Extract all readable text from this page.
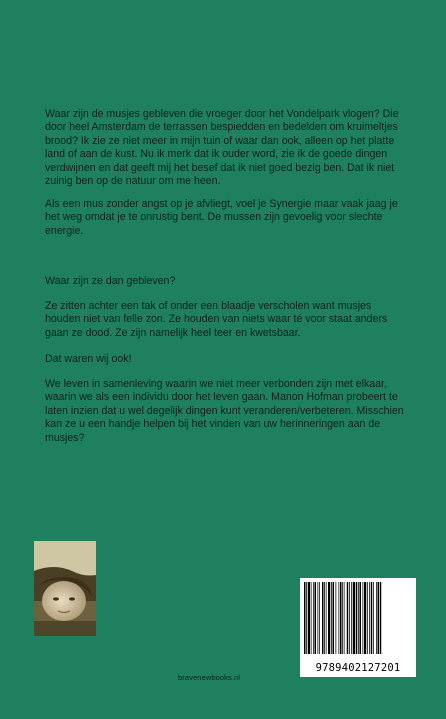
Waar zijn de musjes gebleven die vroeger door het Vondelpark vlogen? Die door heel Amsterdam de terrassen bespiedden en bedelden om kruimeltjes brood? Ik zie ze niet meer in mijn tuin of waar dan ook, alleen op het platte land of aan de kust. Nu ik merk dat ik ouder word, zie ik de goede dingen verdwijnen en dat geeft mij het besef dat ik niet goed bezig ben. Dat ik niet zuinig ben op de natuur om me heen.

Als een mus zonder angst op je afvliegt, voel je Synergie maar vaak jaag je het weg omdat je te onrustig bent. De mussen zijn gevoelig voor slechte energie.

Waar zijn ze dan gebleven?

Ze zitten achter een tak of onder een blaadje verscholen want musjes houden niet van felle zon. Ze houden van niets waar té voor staat anders gaan ze dood. Ze zijn namelijk heel teer en kwetsbaar.

Dat waren wij ook!

We leven in samenleving waarin we niet meer verbonden zijn met elkaar, waarin we als een individu door het leven gaan. Manon Hofman probeert te laten inzien dat u wel degelijk dingen kunt veranderen/verbeteren. Misschien kan ze u een handje helpen bij het vinden van uw herinneringen aan de musjes?

bravenewbooks.nl
9789402127201
